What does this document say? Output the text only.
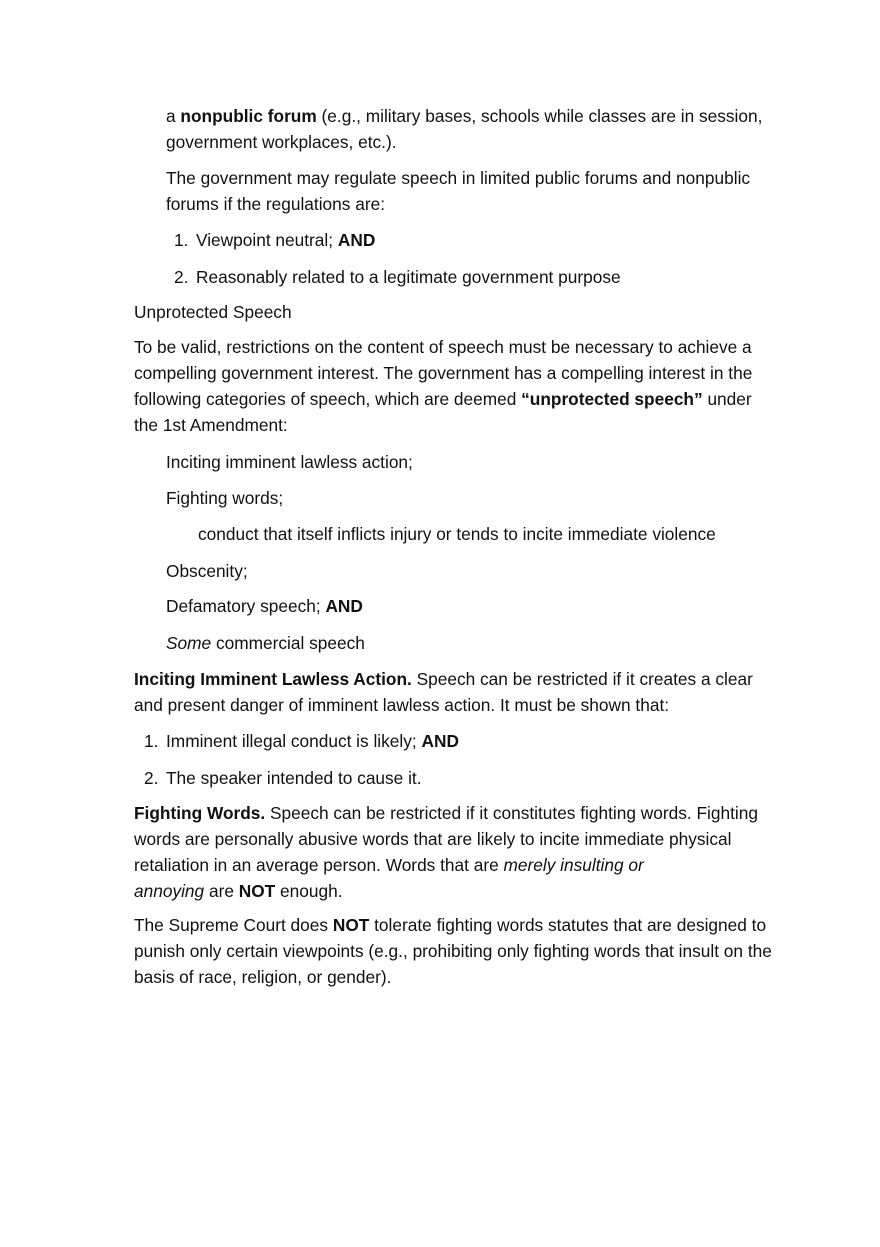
a nonpublic forum (e.g., military bases, schools while classes are in session,

government workplaces, etc.).

The government may regulate speech in limited public forums and nonpublic

forums if the regulations are:

1. Viewpoint neutral; AND

2. Reasonably related to a legitimate government purpose

Unprotected Speech

To be valid, restrictions on the content of speech must be necessary to achieve a

compelling government interest. The government has a compelling interest in the

following categories of speech, which are deemed “unprotected speech” under

the 1st Amendment:

Inciting imminent lawless action;

Fighting words;

conduct that itself inflicts injury or tends to incite immediate violence

Obscenity;

Defamatory speech; AND

Some commercial speech

Inciting Imminent Lawless Action. Speech can be restricted if it creates a clear

and present danger of imminent lawless action. It must be shown that:

1. Imminent illegal conduct is likely; AND

2. The speaker intended to cause it.

Fighting Words. Speech can be restricted if it constitutes fighting words. Fighting

words are personally abusive words that are likely to incite immediate physical

retaliation in an average person. Words that are merely insulting or

annoying are NOT enough.

The Supreme Court does NOT tolerate fighting words statutes that are designed to

punish only certain viewpoints (e.g., prohibiting only fighting words that insult on the

basis of race, religion, or gender).
